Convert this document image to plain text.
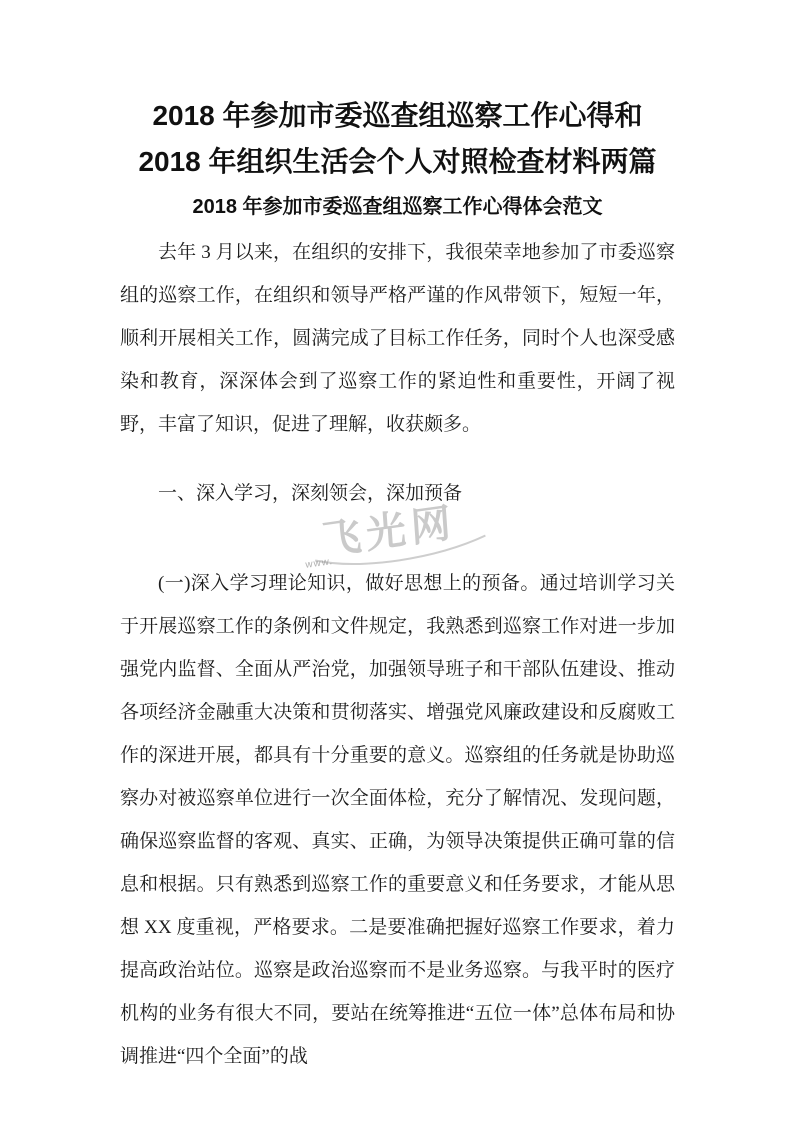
飞光网
www.
2018 年参加市委巡查组巡察工作心得和 2018 年组织生活会个人对照检查材料两篇
2018 年参加市委巡查组巡察工作心得体会范文

去年 3 月以来，在组织的安排下，我很荣幸地参加了市委巡察组的巡察工作，在组织和领导严格严谨的作风带领下，短短一年，顺利开展相关工作，圆满完成了目标工作任务，同时个人也深受感染和教育，深深体会到了巡察工作的紧迫性和重要性，开阔了视野，丰富了知识，促进了理解，收获颇多。

一、深入学习，深刻领会，深加预备

(一)深入学习理论知识，做好思想上的预备。通过培训学习关于开展巡察工作的条例和文件规定，我熟悉到巡察工作对进一步加强党内监督、全面从严治党，加强领导班子和干部队伍建设、推动各项经济金融重大决策和贯彻落实、增强党风廉政建设和反腐败工作的深进开展，都具有十分重要的意义。巡察组的任务就是协助巡察办对被巡察单位进行一次全面体检，充分了解情况、发现问题，确保巡察监督的客观、真实、正确，为领导决策提供正确可靠的信息和根据。只有熟悉到巡察工作的重要意义和任务要求，才能从思想 XX 度重视，严格要求。二是要准确把握好巡察工作要求，着力提高政治站位。巡察是政治巡察而不是业务巡察。与我平时的医疗机构的业务有很大不同，要站在统筹推进“五位一体”总体布局和协调推进“四个全面”的战
